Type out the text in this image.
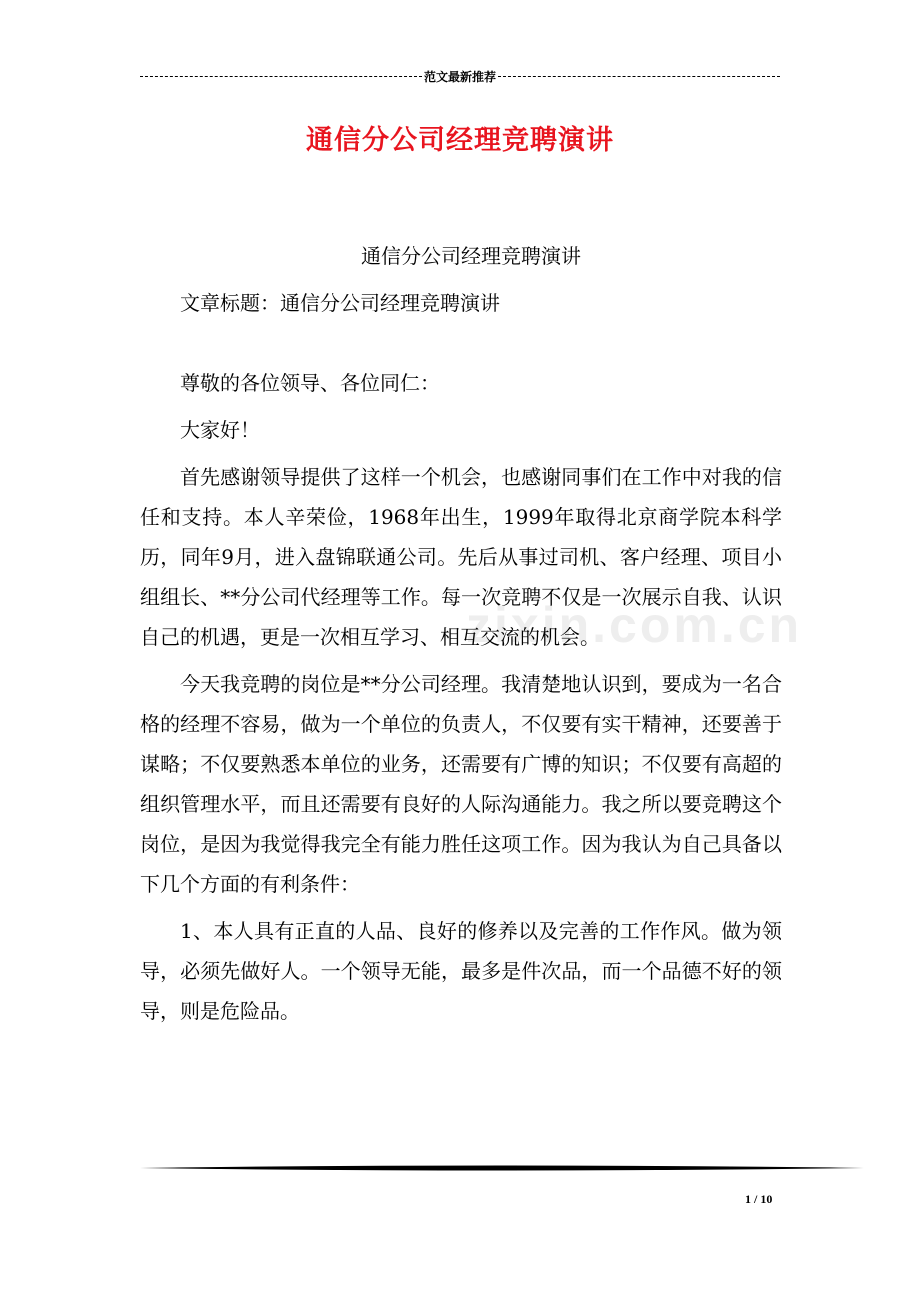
范文最新推荐
通信分公司经理竞聘演讲
zixin.com.cn

通信分公司经理竞聘演讲

文章标题：通信分公司经理竞聘演讲

尊敬的各位领导、各位同仁：

大家好！

首先感谢领导提供了这样一个机会，也感谢同事们在工作中对我的信任和支持。本人辛荣俭，1968年出生，1999年取得北京商学院本科学历，同年9月，进入盘锦联通公司。先后从事过司机、客户经理、项目小组组长、**分公司代经理等工作。每一次竞聘不仅是一次展示自我、认识自己的机遇，更是一次相互学习、相互交流的机会。

今天我竞聘的岗位是**分公司经理。我清楚地认识到，要成为一名合格的经理不容易，做为一个单位的负责人，不仅要有实干精神，还要善于谋略；不仅要熟悉本单位的业务，还需要有广博的知识；不仅要有高超的组织管理水平，而且还需要有良好的人际沟通能力。我之所以要竞聘这个岗位，是因为我觉得我完全有能力胜任这项工作。因为我认为自己具备以下几个方面的有利条件：

1、本人具有正直的人品、良好的修养以及完善的工作作风。做为领导，必须先做好人。一个领导无能，最多是件次品，而一个品德不好的领导，则是危险品。

1 / 10
